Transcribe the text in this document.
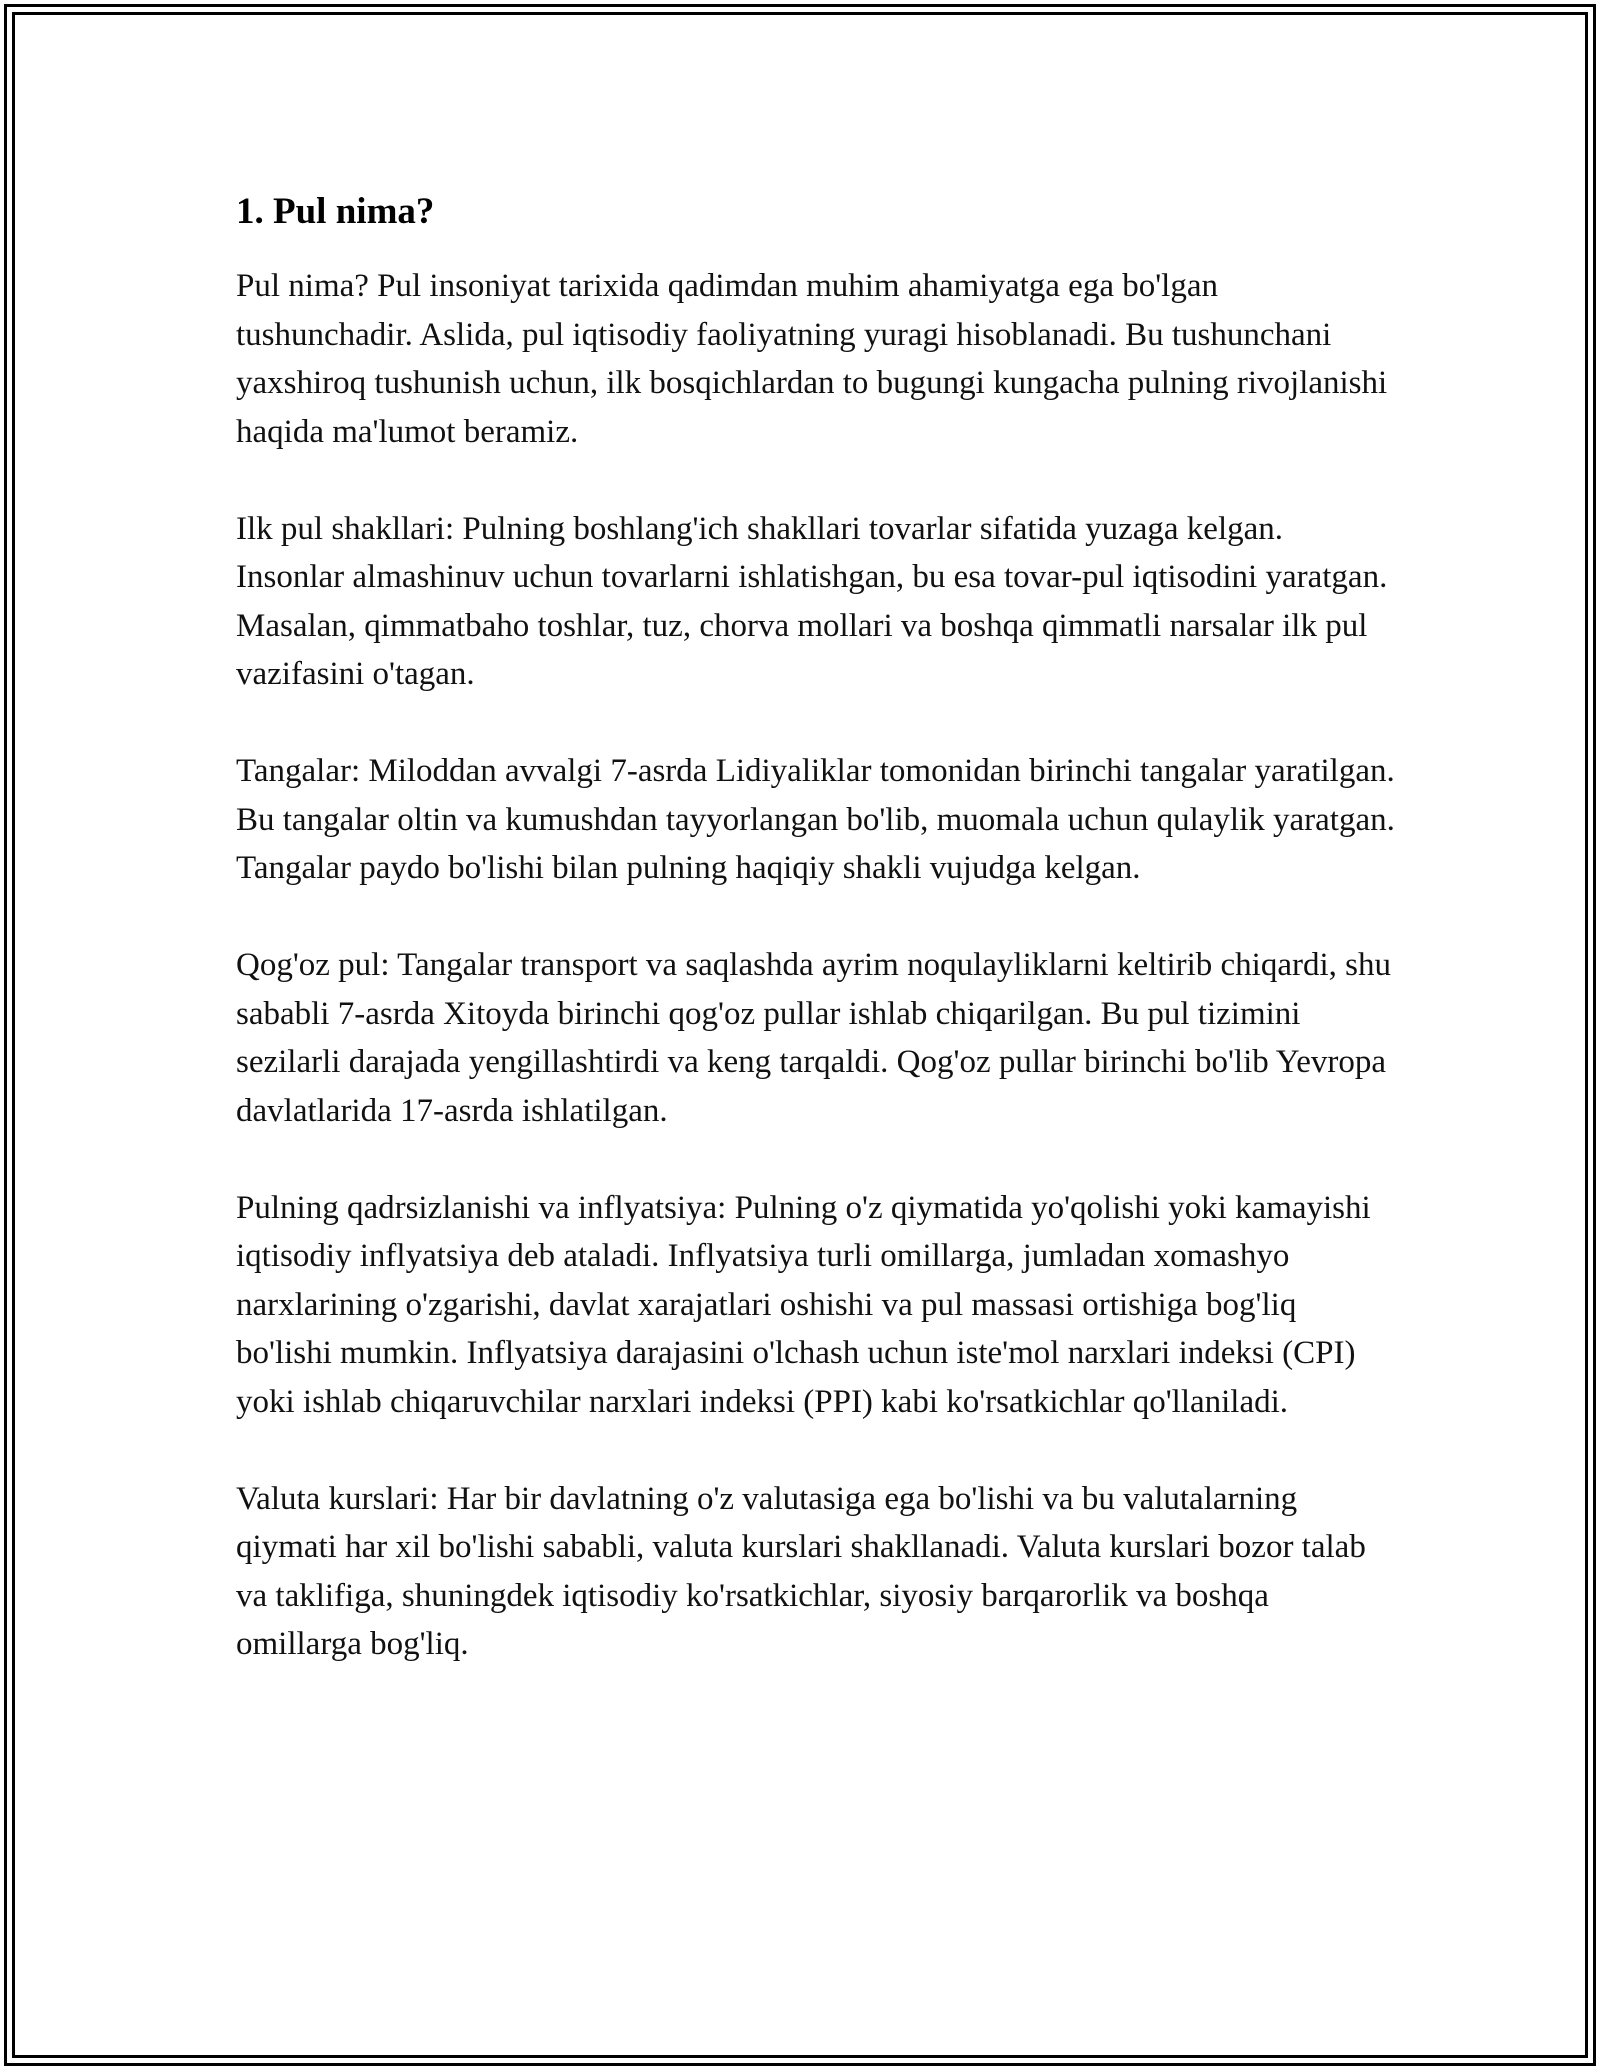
1. Pul nima?

Pul nima? Pul insoniyat tarixida qadimdan muhim ahamiyatga ega bo'lgan tushunchadir. Aslida, pul iqtisodiy faoliyatning yuragi hisoblanadi. Bu tushunchani yaxshiroq tushunish uchun, ilk bosqichlardan to bugungi kungacha pulning rivojlanishi haqida ma'lumot beramiz.

Ilk pul shakllari: Pulning boshlang'ich shakllari tovarlar sifatida yuzaga kelgan. Insonlar almashinuv uchun tovarlarni ishlatishgan, bu esa tovar-pul iqtisodini yaratgan. Masalan, qimmatbaho toshlar, tuz, chorva mollari va boshqa qimmatli narsalar ilk pul vazifasini o'tagan.

Tangalar: Miloddan avvalgi 7-asrda Lidiyaliklar tomonidan birinchi tangalar yaratilgan. Bu tangalar oltin va kumushdan tayyorlangan bo'lib, muomala uchun qulaylik yaratgan. Tangalar paydo bo'lishi bilan pulning haqiqiy shakli vujudga kelgan.

Qog'oz pul: Tangalar transport va saqlashda ayrim noqulayliklarni keltirib chiqardi, shu sababli 7-asrda Xitoyda birinchi qog'oz pullar ishlab chiqarilgan. Bu pul tizimini sezilarli darajada yengillashtirdi va keng tarqaldi. Qog'oz pullar birinchi bo'lib Yevropa davlatlarida 17-asrda ishlatilgan.

Pulning qadrsizlanishi va inflyatsiya: Pulning o'z qiymatida yo'qolishi yoki kamayishi iqtisodiy inflyatsiya deb ataladi. Inflyatsiya turli omillarga, jumladan xomashyo narxlarining o'zgarishi, davlat xarajatlari oshishi va pul massasi ortishiga bog'liq bo'lishi mumkin. Inflyatsiya darajasini o'lchash uchun iste'mol narxlari indeksi (CPI) yoki ishlab chiqaruvchilar narxlari indeksi (PPI) kabi ko'rsatkichlar qo'llaniladi.

Valuta kurslari: Har bir davlatning o'z valutasiga ega bo'lishi va bu valutalarning qiymati har xil bo'lishi sababli, valuta kurslari shakllanadi. Valuta kurslari bozor talab va taklifiga, shuningdek iqtisodiy ko'rsatkichlar, siyosiy barqarorlik va boshqa omillarga bog'liq.
